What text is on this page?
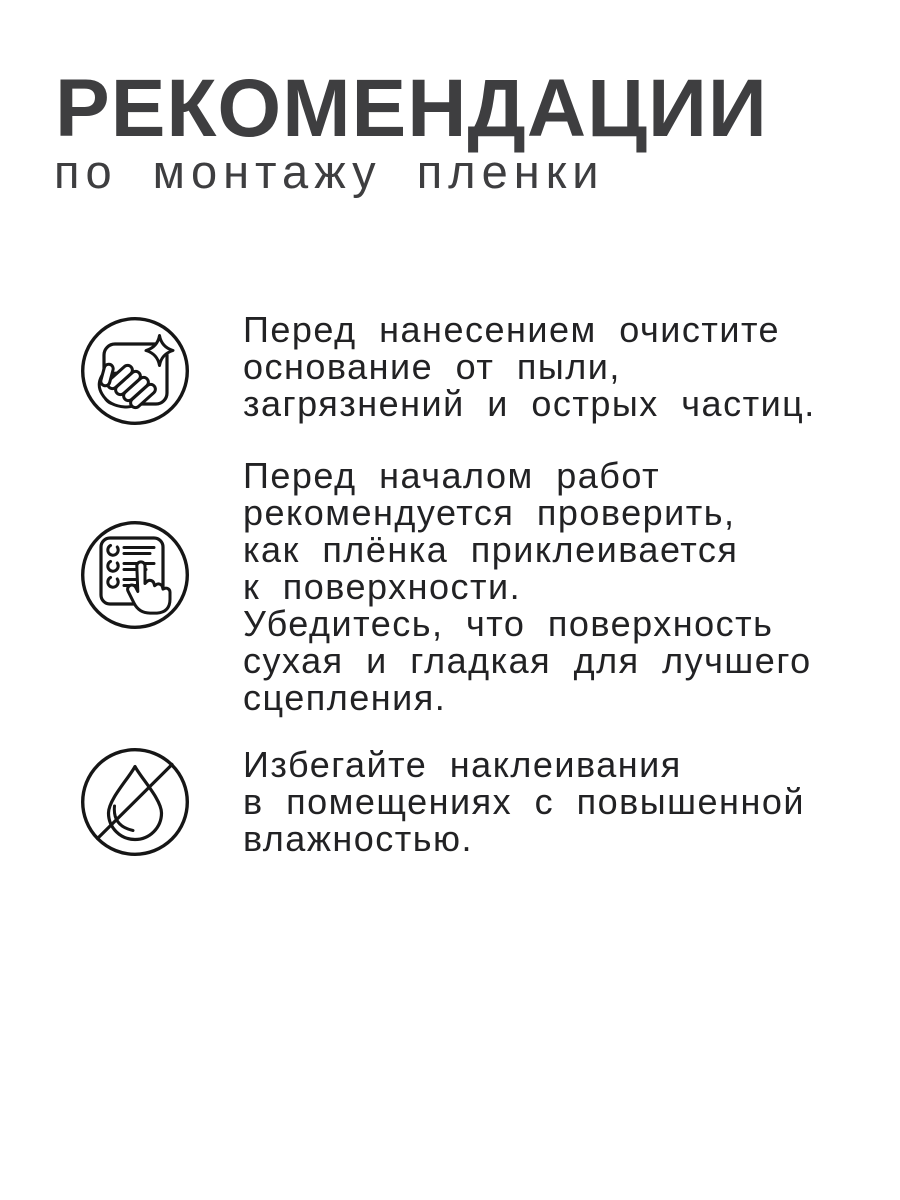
РЕКОМЕНДАЦИИ
по монтажу пленки
Перед нанесением очистите
основание от пыли,
загрязнений и острых частиц.
Перед началом работ
рекомендуется проверить,
как плёнка приклеивается
к поверхности.
Убедитесь, что поверхность
сухая и гладкая для лучшего
сцепления.
Избегайте наклеивания
в помещениях с повышенной
влажностью.
